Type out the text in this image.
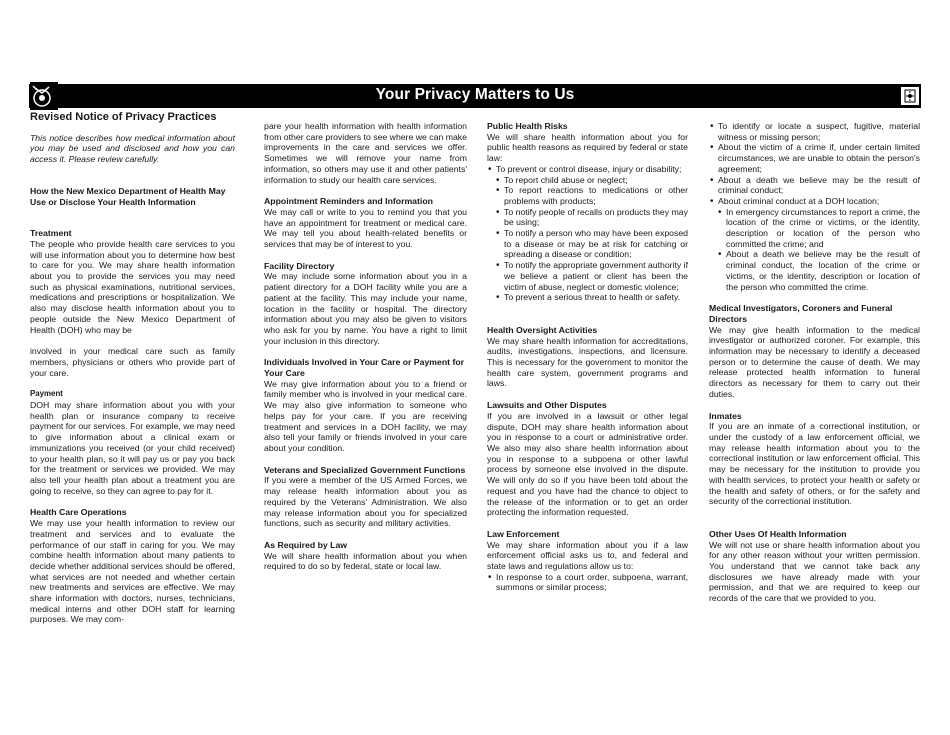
Your Privacy Matters to Us
Revised Notice of Privacy Practices

This notice describes how medical information about you may be used and disclosed and how you can access it. Please review carefully.

How the New Mexico Department of Health May Use or Disclose Your Health Information
Treatment

The people who provide health care services to you will use information about you to determine how best to care for you. We may share health information about you to provide the services you may need such as physical examinations, nutritional services, medications and prescriptions or hospitalization. We also may disclose health information about you to people outside the New Mexico Department of Health (DOH) who may be

involved in your medical care such as family members, physicians or others who provide part of your care.

Payment

DOH may share information about you with your health plan or insurance company to receive payment for our services. For example, we may need to give information about a clinical exam or immunizations you received (or your child received) to your health plan, so it will pay us or pay you back for the treatment or services we provided. We may also tell your health plan about a treatment you are going to receive, so they can agree to pay for it.

Health Care Operations

We may use your health information to review our treatment and services and to evaluate the performance of our staff in caring for you. We may combine health information about many patients to decide whether additional services should be offered, what services are not needed and whether certain new treatments and services are effective. We may share information with doctors, nurses, technicians, medical interns and other DOH staff for learning purposes. We may com-

pare your health information with health information from other care providers to see where we can make improvements in the care and services we offer. Sometimes we will remove your name from information, so others may use it and other patients' information to study our health care services.

Appointment Reminders and Information

We may call or write to you to remind you that you have an appointment for treatment or medical care. We may tell you about health-related benefits or services that may be of interest to you.

Facility Directory

We may include some information about you in a patient directory for a DOH facility while you are a patient at the facility. This may include your name, location in the facility or hospital. The directory information about you may also be given to visitors who ask for you by name. You have a right to limit your inclusion in this directory.

Individuals Involved in Your Care or Payment for Your Care

We may give information about you to a friend or family member who is involved in your medical care. We may also give information to someone who helps pay for your care. If you are receiving treatment and services in a DOH facility, we may also tell your family or friends involved in your care about your condition.

Veterans and Specialized Government Functions

If you were a member of the US Armed Forces, we may release health information about you as required by the Veterans' Administration. We also may release information about you for specialized functions, such as security and military activities.

As Required by Law

We will share health information about you when required to do so by federal, state or local law.

Public Health Risks

We will share health information about you for public health reasons as required by federal or state law:

• To prevent or control disease, injury or disability;
• To report child abuse or neglect;
• To report reactions to medications or other problems with products;
• To notify people of recalls on products they may be using;
• To notify a person who may have been exposed to a disease or may be at risk for catching or spreading a disease or condition;
• To notify the appropriate government authority if we believe a patient or client has been the victim of abuse, neglect or domestic violence;
• To prevent a serious threat to health or safety.
Health Oversight Activities

We may share health information for accreditations, audits, investigations, inspections, and licensure. This is necessary for the government to monitor the health care system, government programs and laws.

Lawsuits and Other Disputes

If you are involved in a lawsuit or other legal dispute, DOH may share health information about you in response to a court or administrative order. We also may also share health information about you in response to a subpoena or other lawful process by someone else involved in the dispute. We will only do so if you have been told about the request and you have had the chance to object to the release of the information or to get an order protecting the information requested.

Law Enforcement

We may share information about you if a law enforcement official asks us to, and federal and state laws and regulations allow us to:

• In response to a court order, subpoena, warrant, summons or similar process;
• To identify or locate a suspect, fugitive, material witness or missing person;
• About the victim of a crime if, under certain limited circumstances, we are unable to obtain the person's agreement;
• About a death we believe may be the result of criminal conduct;
• About criminal conduct at a DOH location;
• In emergency circumstances to report a crime, the location of the crime or victims, or the identity, description or location of the person who committed the crime; and
• About a death we believe may be the result of criminal conduct, the location of the crime or victims, or the identity, description or location of the person who committed the crime.
Medical Investigators, Coroners and Funeral Directors

We may give health information to the medical investigator or authorized coroner. For example, this information may be necessary to identify a deceased person or to determine the cause of death. We may release protected health information to funeral directors as necessary for them to carry out their duties.

Inmates

If you are an inmate of a correctional institution, or under the custody of a law enforcement official, we may release health information about you to the correctional institution or law enforcement official. This may be necessary for the institution to provide you with health services, to protect your health or safety or the health and safety of others, or for the safety and security of the correctional institution.

Other Uses Of Health Information

We will not use or share health information about you for any other reason without your written permission. You understand that we cannot take back any disclosures we have already made with your permission, and that we are required to keep our records of the care that we provided to you.
